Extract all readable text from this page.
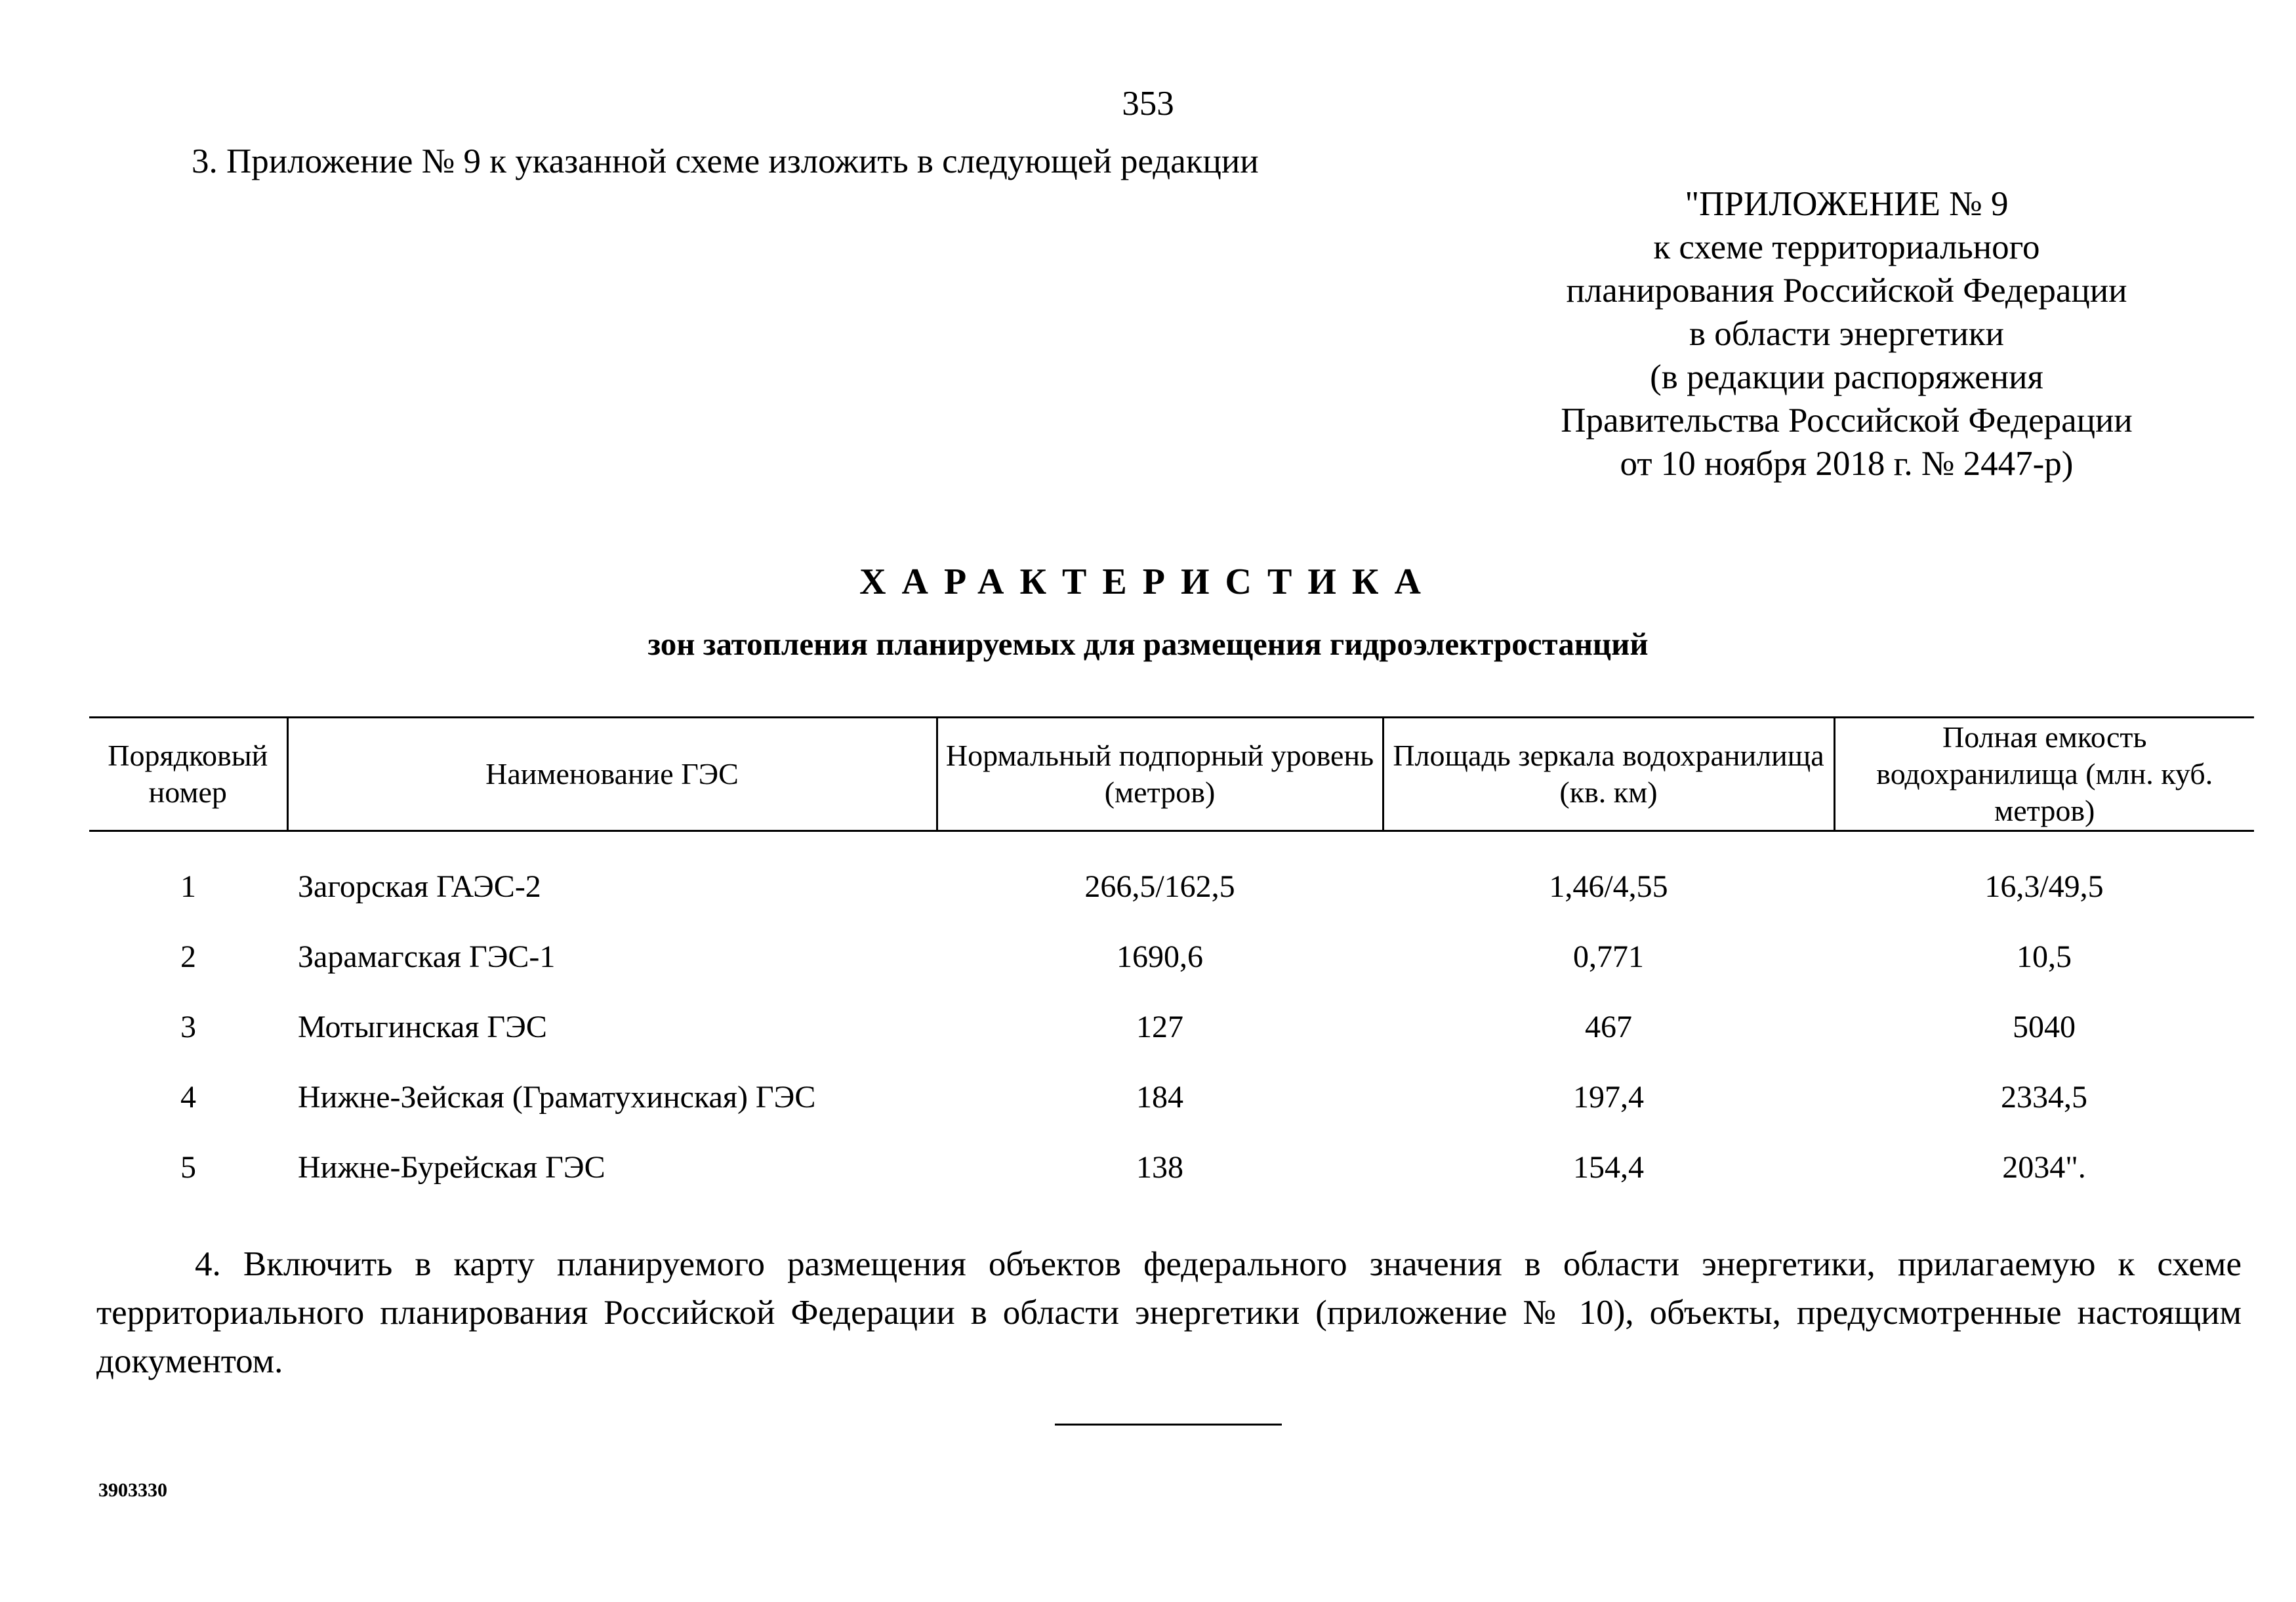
353
3. Приложение № 9 к указанной схеме изложить в следующей редакции
"ПРИЛОЖЕНИЕ № 9
к схеме территориального
планирования Российской Федерации
в области энергетики
(в редакции распоряжения
Правительства Российской Федерации
от 10 ноября 2018 г. № 2447-р)
ХАРАКТЕРИСТИКА
зон затопления планируемых для размещения гидроэлектростанций
Порядковый номер	Наименование ГЭС	Нормальный подпорный уровень (метров)	Площадь зеркала водохранилища (кв. км)	Полная емкость водохранилища (млн. куб. метров)
1	Загорская ГАЭС-2	266,5/162,5	1,46/4,55	16,3/49,5
2	Зарамагская ГЭС-1	1690,6	0,771	10,5
3	Мотыгинская ГЭС	127	467	5040
4	Нижне-Зейская (Граматухинская) ГЭС	184	197,4	2334,5
5	Нижне-Бурейская ГЭС	138	154,4	2034".
4. Включить в карту планируемого размещения объектов федерального значения в области энергетики, прилагаемую к схеме территориального планирования Российской Федерации в области энергетики (приложение № 10), объекты, предусмотренные настоящим документом.
3903330
